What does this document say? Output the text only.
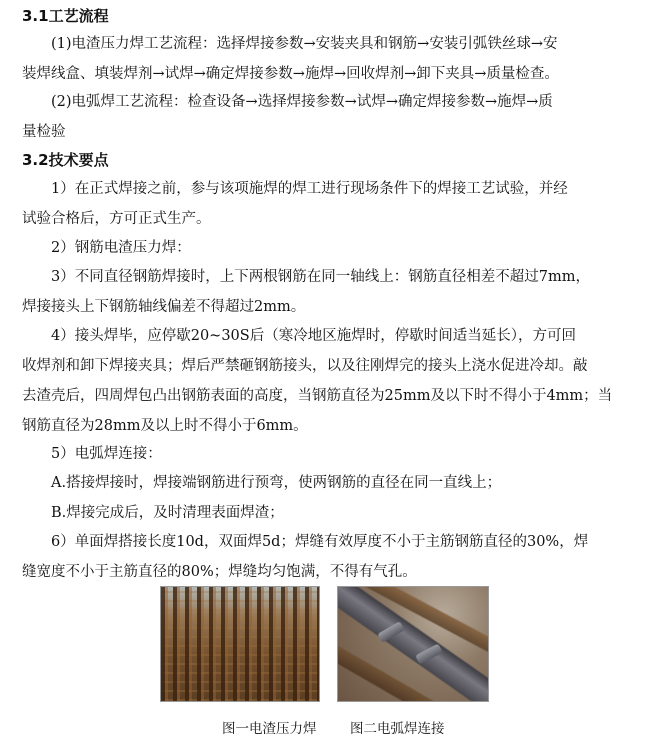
3.1工艺流程
(1)电渣压力焊工艺流程：选择焊接参数→安装夹具和钢筋→安装引弧铁丝球→安
装焊线盒、填装焊剂→试焊→确定焊接参数→施焊→回收焊剂→卸下夹具→质量检查。
(2)电弧焊工艺流程：检查设备→选择焊接参数→试焊→确定焊接参数→施焊→质
量检验
3.2技术要点
1）在正式焊接之前，参与该项施焊的焊工进行现场条件下的焊接工艺试验，并经
试验合格后，方可正式生产。
2）钢筋电渣压力焊：
3）不同直径钢筋焊接时，上下两根钢筋在同一轴线上：钢筋直径相差不超过7mm，
焊接接头上下钢筋轴线偏差不得超过2mm。
4）接头焊毕，应停歇20~30S后（寒冷地区施焊时，停歇时间适当延长），方可回
收焊剂和卸下焊接夹具；焊后严禁砸钢筋接头，以及往刚焊完的接头上浇水促进冷却。敲
去渣壳后，四周焊包凸出钢筋表面的高度，当钢筋直径为25mm及以下时不得小于4mm；当
钢筋直径为28mm及以上时不得小于6mm。
5）电弧焊连接：
A.搭接焊接时，焊接端钢筋进行预弯，使两钢筋的直径在同一直线上；
B.焊接完成后，及时清理表面焊渣；
6）单面焊搭接长度10d，双面焊5d；焊缝有效厚度不小于主筋钢筋直径的30%，焊
缝宽度不小于主筋直径的80%；焊缝均匀饱满，不得有气孔。
图一电渣压力焊 图二电弧焊连接
